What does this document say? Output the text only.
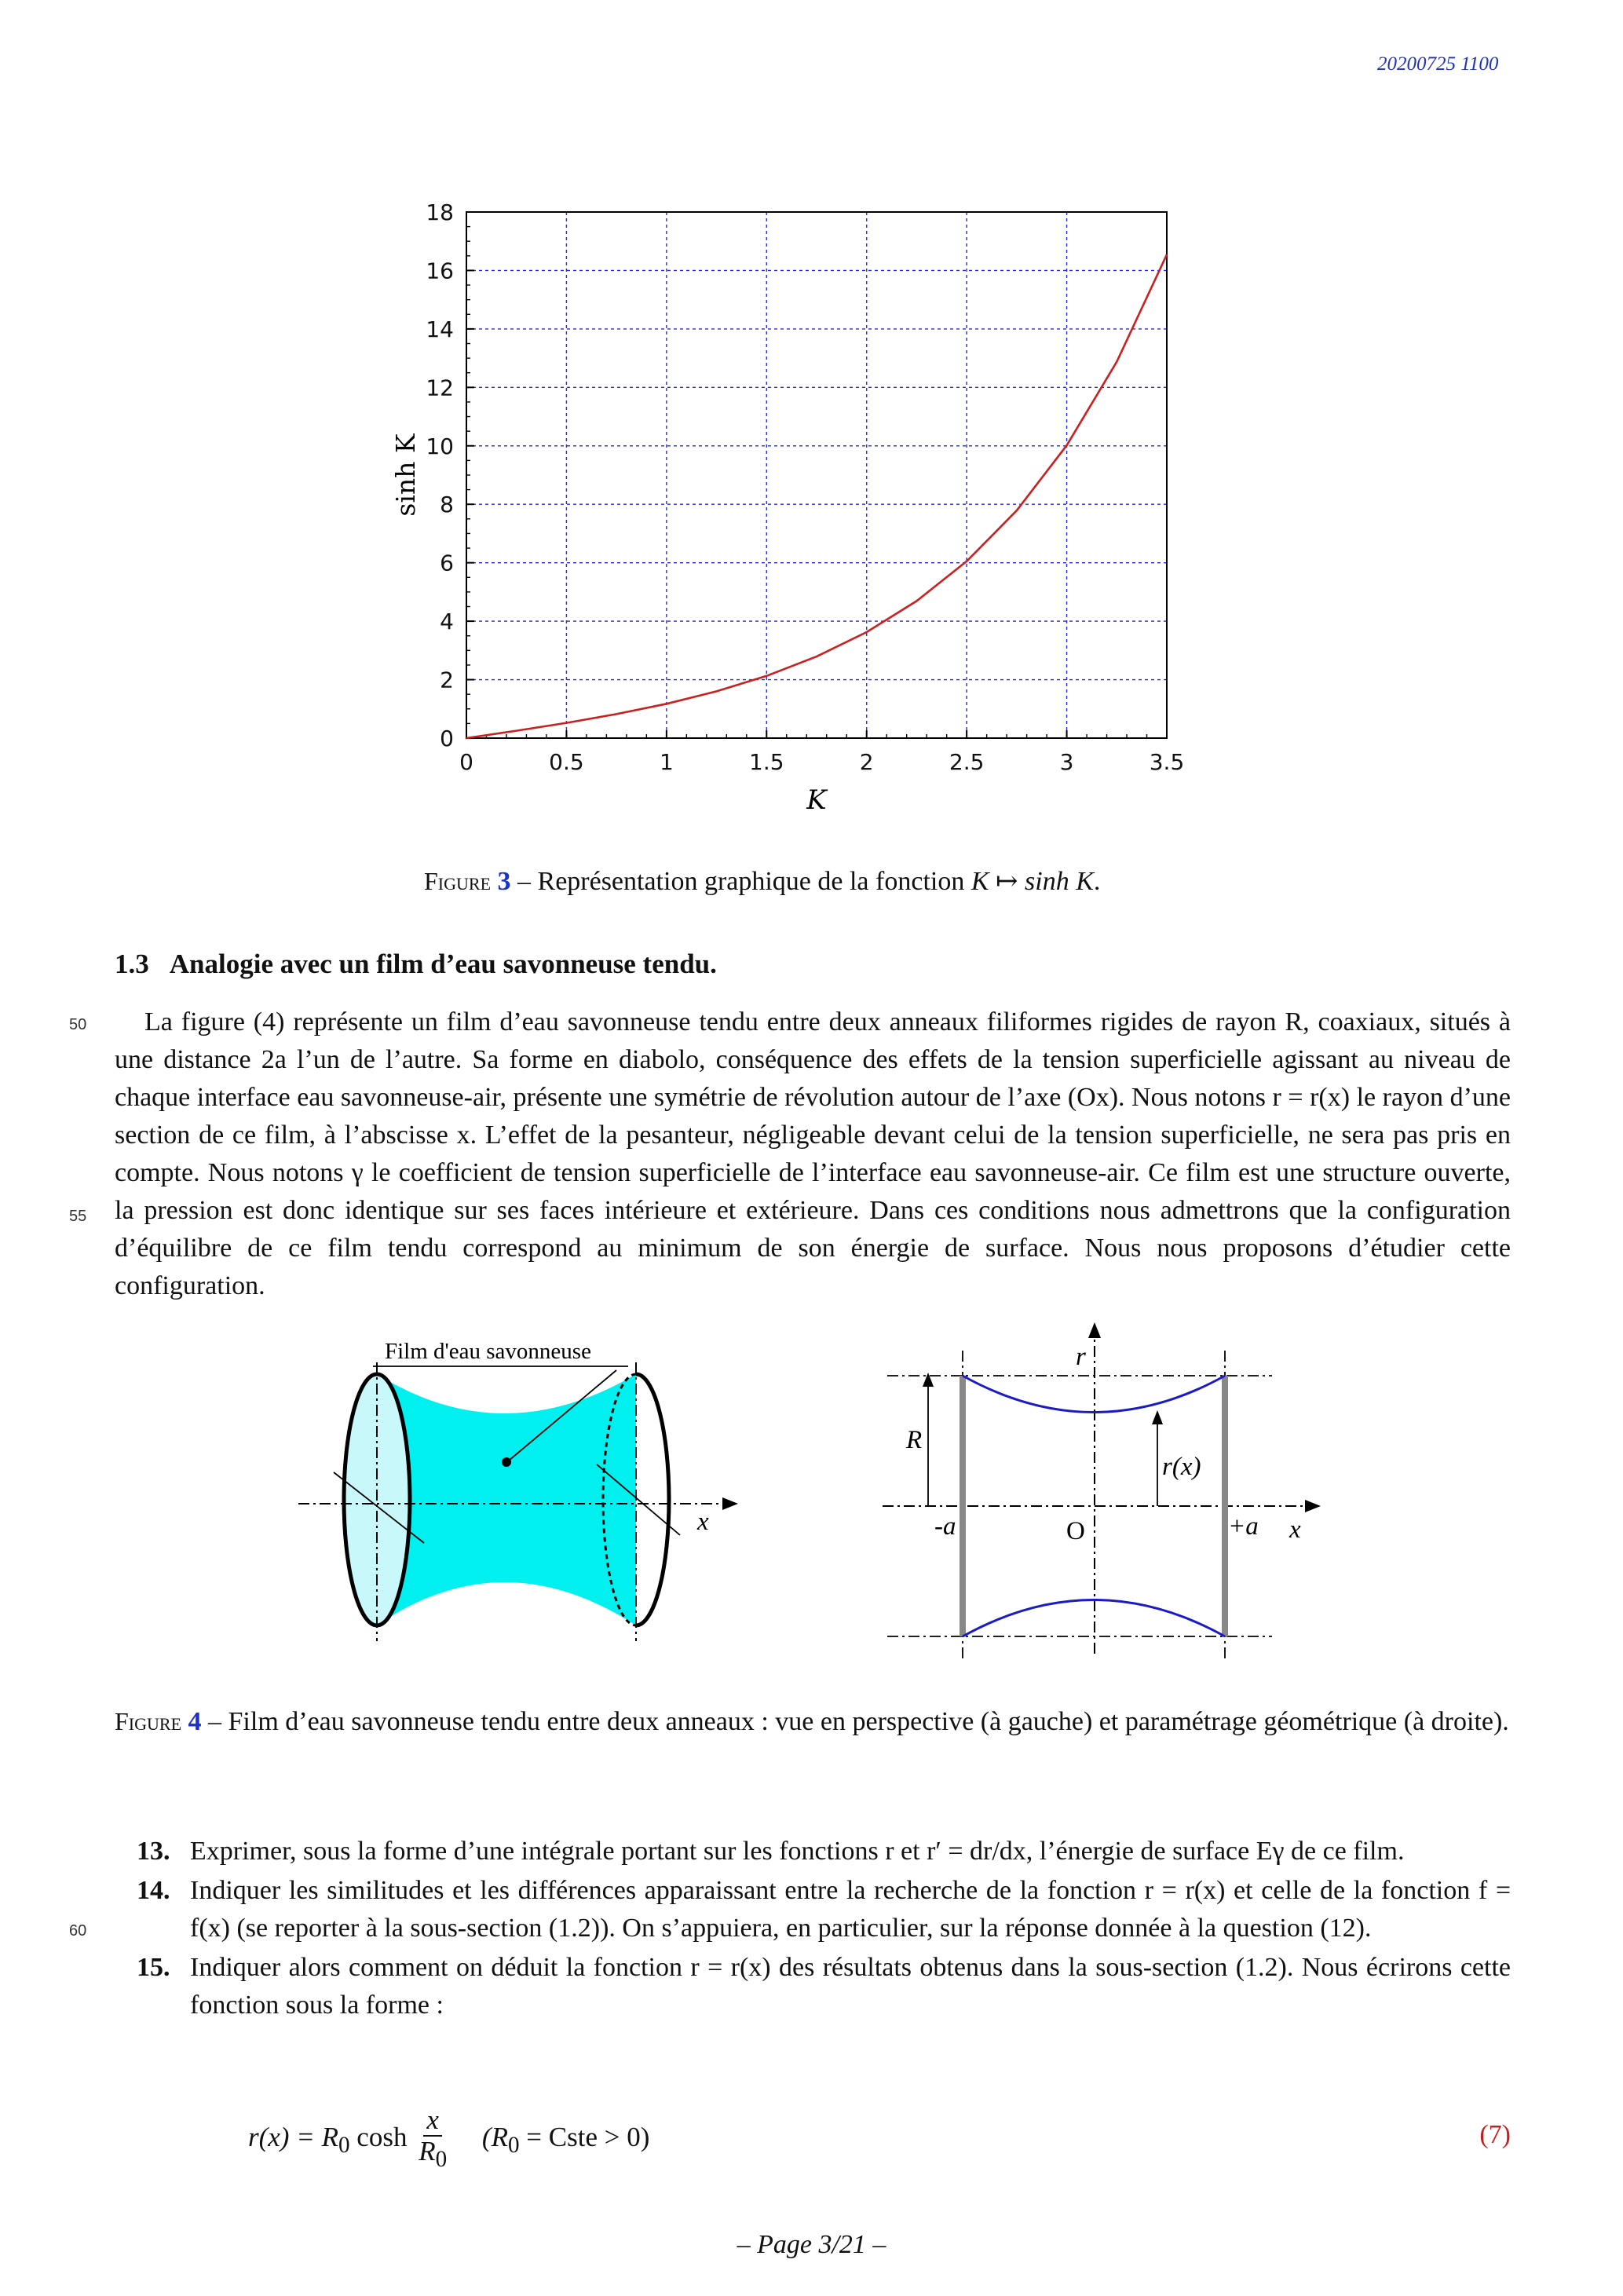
20200725 1100
0	0.5	1	1.5	2	2.5	3	3.5
0
2
4
6
8
10
12
14
16
18
K
sinh K
Figure 3 – Représentation graphique de la fonction K ↦ sinh K.
1.3 Analogie avec un film d’eau savonneuse tendu.
50
55

La figure (4) représente un film d’eau savonneuse tendu entre deux anneaux filiformes rigides de rayon R, coaxiaux, situés à une distance 2a l’un de l’autre. Sa forme en diabolo, conséquence des effets de la tension superficielle agissant au niveau de chaque interface eau savonneuse-air, présente une symétrie de révolution autour de l’axe (Ox). Nous notons r = r(x) le rayon d’une section de ce film, à l’abscisse x. L’effet de la pesanteur, négligeable devant celui de la tension superficielle, ne sera pas pris en compte. Nous notons γ le coefficient de tension superficielle de l’interface eau savonneuse-air. Ce film est une structure ouverte, la pression est donc identique sur ses faces intérieure et extérieure. Dans ces conditions nous admettrons que la configuration d’équilibre de ce film tendu correspond au minimum de son énergie de surface. Nous nous proposons d’étudier cette configuration.

Film d'eau savonneuse
x
r
R
r(x)
-a	O	+a x
Figure 4 – Film d’eau savonneuse tendu entre deux anneaux : vue en perspective (à gauche) et paramétrage géométrique (à droite).
60
13. Exprimer, sous la forme d’une intégrale portant sur les fonctions r et r′ = dr/dx, l’énergie de surface Eγ de ce film.
14. Indiquer les similitudes et les différences apparaissant entre la recherche de la fonction r = r(x) et celle de la fonction f = f(x) (se reporter à la sous-section (1.2)). On s’appuiera, en particulier, sur la réponse donnée à la question (12).
15. Indiquer alors comment on déduit la fonction r = r(x) des résultats obtenus dans la sous-section (1.2). Nous écrirons cette fonction sous la forme :
$r(x) = R_0$ $\cosh \frac{x}{R_0} (R_0$ = Cste > 0)	(7)
– Page 3/21 –
